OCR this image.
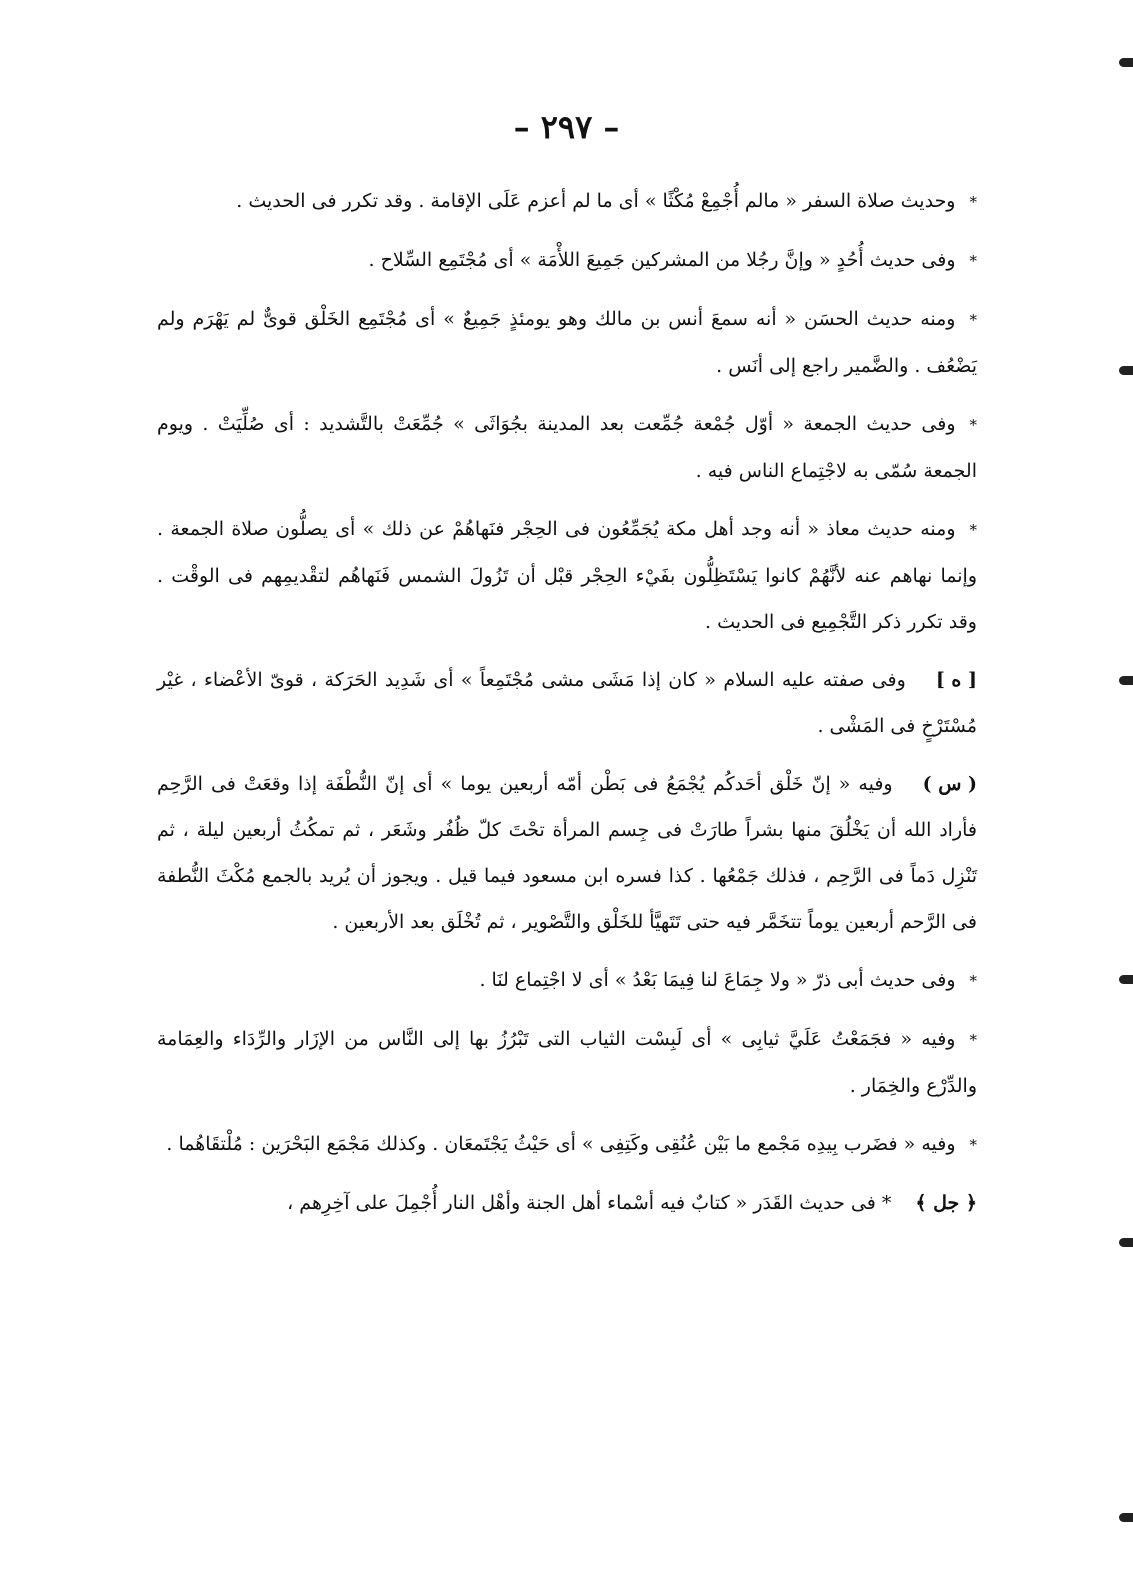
– ٢٩٧ –

*وحديث صلاة السفر « مالم أُجْمِعْ مُكْثًا » أى ما لم أعزم عَلَى الإقامة . وقد تكرر فى الحديث .

*وفى حديث أُحُدٍ « وإنَّ رجُلا من المشركين جَمِيعَ اللأْمَة » أى مُجْتَمِع السِّلاح .

*ومنه حديث الحسَن « أنه سمعَ أنس بن مالك وهو يومئذٍ جَمِيعٌ » أى مُجْتَمِع الخَلْق قوىٌّ لم يَهْرَم ولم يَضْعُف . والضَّمير راجع إلى أنَس .

*وفى حديث الجمعة « أوّل جُمْعة جُمِّعت بعد المدينة بجُوَاثَى » جُمِّعَتْ بالتَّشديد : أى صُلِّيَتْ . ويوم الجمعة سُمّى به لاجْتِماع الناس فيه .

*ومنه حديث معاذ « أنه وجد أهل مكة يُجَمِّعُون فى الحِجْر فنَهاهُمْ عن ذلك » أى يصلُّون صلاة الجمعة . وإنما نهاهم عنه لأنَّهُمْ كانوا يَسْتَظِلُّون بفَيْء الحِجْر قبْل أن تَزُولَ الشمس فَنَهاهُم لتقْديمِهم فى الوقْت . وقد تكرر ذكر التَّجْمِيع فى الحديث .

[ ه ]وفى صفته عليه السلام « كان إذا مَشَى مشى مُجْتَمِعاً » أى شَدِيد الحَرَكة ، قوىّ الأعْضاء ، غيْر مُسْتَرْخٍ فى المَشْى .

( س )وفيه « إنّ خَلْق أحَدكُم يُجْمَعُ فى بَطْن أمّه أربعين يوما » أى إنّ النُّطْفَة إذا وقعَتْ فى الرَّحِم فأراد الله أن يَخْلُقَ منها بشراً طارَتْ فى جِسم المرأة تحْتَ كلّ ظُفُر وشَعَر ، ثم تمكُثُ أربعين ليلة ، ثم تَنْزِل دَماً فى الرَّحِم ، فذلك جَمْعُها . كذا فسره ابن مسعود فيما قيل . ويجوز أن يُريد بالجمع مُكْثَ النُّطفة فى الرَّحم أربعين يوماً تتخَمَّر فيه حتى تَتَهيَّأ للخَلْق والتَّصْوير ، ثم تُخْلَق بعد الأربعين .

*وفى حديث أبى ذرّ « ولا جِمَاعَ لنا فِيمَا بَعْدُ » أى لا اجْتِماع لنَا .

*وفيه « فجَمَعْتُ عَلَيَّ ثيابِى » أى لَبِسْت الثياب التى تَبْرُزُ بها إلى النَّاس من الإزَار والرِّدَاء والعِمَامة والدِّرْع والخِمَار .

*وفيه « فضَرب بِيدِه مَجْمع ما بَيْن عُنُقِى وكَتِفِى » أى حَيْثُ يَجْتَمعَان . وكذلك مَجْمَع البَحْرَين : مُلْتقَاهُما .

﴿ جل ﴾* فى حديث القَدَر « كتابٌ فيه أسْماء أهل الجنة وأهْل النار أُجْمِلَ على آخِرِهم ،
